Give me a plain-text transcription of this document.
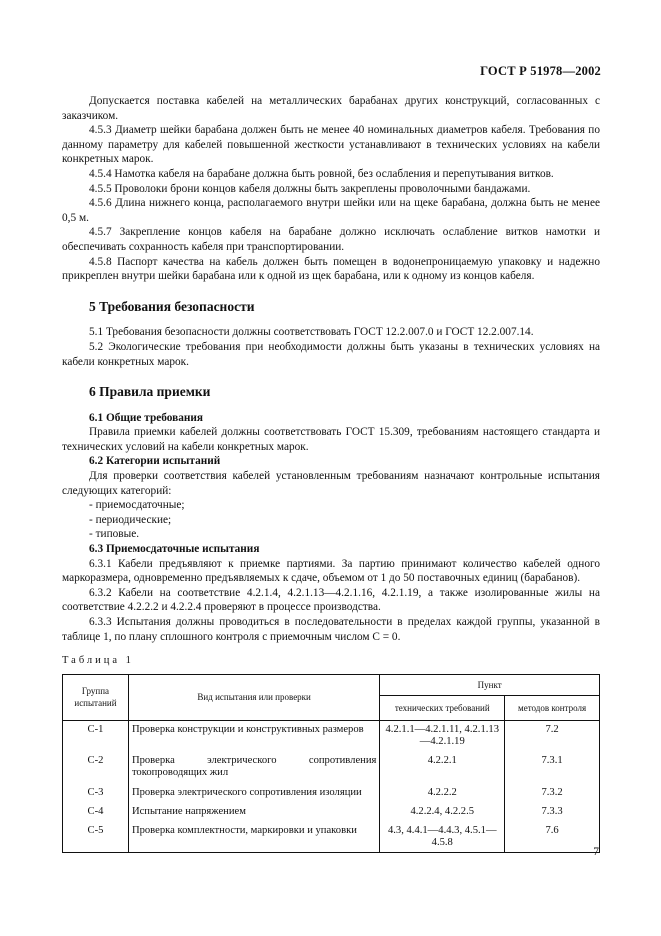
ГОСТ Р 51978—2002

Допускается поставка кабелей на металлических барабанах других конструкций, согласованных с заказчиком.

4.5.3 Диаметр шейки барабана должен быть не менее 40 номинальных диаметров кабеля. Требования по данному параметру для кабелей повышенной жесткости устанавливают в технических условиях на кабели конкретных марок.

4.5.4 Намотка кабеля на барабане должна быть ровной, без ослабления и перепутывания витков.

4.5.5 Проволоки брони концов кабеля должны быть закреплены проволочными бандажами.

4.5.6 Длина нижнего конца, располагаемого внутри шейки или на щеке барабана, должна быть не менее 0,5 м.

4.5.7 Закрепление концов кабеля на барабане должно исключать ослабление витков намотки и обеспечивать сохранность кабеля при транспортировании.

4.5.8 Паспорт качества на кабель должен быть помещен в водонепроницаемую упаковку и надежно прикреплен внутри шейки барабана или к одной из щек барабана, или к одному из концов кабеля.

5 Требования безопасности

5.1 Требования безопасности должны соответствовать ГОСТ 12.2.007.0 и ГОСТ 12.2.007.14.

5.2 Экологические требования при необходимости должны быть указаны в технических условиях на кабели конкретных марок.

6 Правила приемки
6.1 Общие требования

Правила приемки кабелей должны соответствовать ГОСТ 15.309, требованиям настоящего стандарта и технических условий на кабели конкретных марок.

6.2 Категории испытаний

Для проверки соответствия кабелей установленным требованиям назначают контрольные испытания следующих категорий:

- приемосдаточные;
- периодические;
- типовые.
6.3 Приемосдаточные испытания

6.3.1 Кабели предъявляют к приемке партиями. За партию принимают количество кабелей одного маркоразмера, одновременно предъявляемых к сдаче, объемом от 1 до 50 поставочных единиц (барабанов).

6.3.2 Кабели на соответствие 4.2.1.4, 4.2.1.13—4.2.1.16, 4.2.1.19, а также изолированные жилы на соответствие 4.2.2.2 и 4.2.2.4 проверяют в процессе производства.

6.3.3 Испытания должны проводиться в последовательности в пределах каждой группы, указанной в таблице 1, по плану сплошного контроля с приемочным числом C = 0.

Таблица 1
Группа испытаний	Вид испытания или проверки	Пункт	
		технических требований	методов контроля
С-1	Проверка конструкции и конструктивных размеров	4.2.1.1—4.2.1.11, 4.2.1.13—4.2.1.19	7.2
С-2	Проверка электрического сопротивления токопроводящих жил	4.2.2.1	7.3.1
С-3	Проверка электрического сопротивления изоляции	4.2.2.2	7.3.2
С-4	Испытание напряжением	4.2.2.4, 4.2.2.5	7.3.3
С-5	Проверка комплектности, маркировки и упаковки	4.3, 4.4.1—4.4.3, 4.5.1—4.5.8	7.6
7
